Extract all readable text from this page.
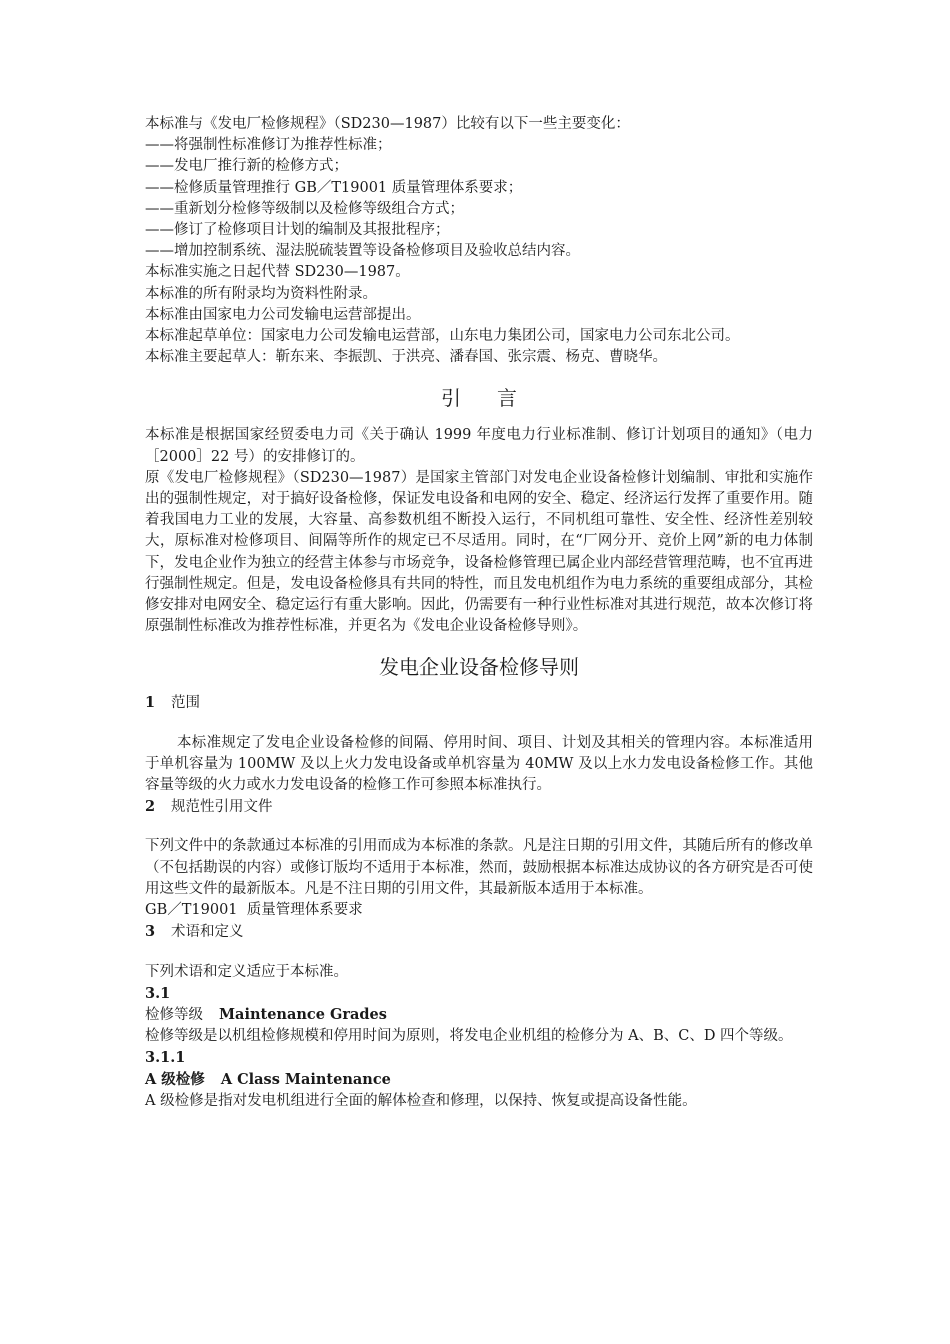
本标准与《发电厂检修规程》（SD230—1987）比较有以下一些主要变化：
——将强制性标准修订为推荐性标准；
——发电厂推行新的检修方式；
——检修质量管理推行 GB／T19001 质量管理体系要求；
——重新划分检修等级制以及检修等级组合方式；
——修订了检修项目计划的编制及其报批程序；
——增加控制系统、湿法脱硫装置等设备检修项目及验收总结内容。
本标准实施之日起代替 SD230—1987。
本标准的所有附录均为资料性附录。
本标准由国家电力公司发输电运营部提出。
本标准起草单位：国家电力公司发输电运营部，山东电力集团公司，国家电力公司东北公司。
本标准主要起草人：靳东来、李振凯、于洪亮、潘春国、张宗震、杨克、曹晓华。
引言
本标准是根据国家经贸委电力司《关于确认 1999 年度电力行业标准制、修订计划项目的通知》（电力［2000］22 号）的安排修订的。
原《发电厂检修规程》（SD230—1987）是国家主管部门对发电企业设备检修计划编制、审批和实施作出的强制性规定，对于搞好设备检修，保证发电设备和电网的安全、稳定、经济运行发挥了重要作用。随着我国电力工业的发展，大容量、高参数机组不断投入运行，不同机组可靠性、安全性、经济性差别较大，原标准对检修项目、间隔等所作的规定已不尽适用。同时，在“厂网分开、竞价上网”新的电力体制下，发电企业作为独立的经营主体参与市场竞争，设备检修管理已属企业内部经营管理范畴，也不宜再进行强制性规定。但是，发电设备检修具有共同的特性，而且发电机组作为电力系统的重要组成部分，其检修安排对电网安全、稳定运行有重大影响。因此，仍需要有一种行业性标准对其进行规范，故本次修订将原强制性标准改为推荐性标准，并更名为《发电企业设备检修导则》。
发电企业设备检修导则
1 范围
本标准规定了发电企业设备检修的间隔、停用时间、项目、计划及其相关的管理内容。本标准适用于单机容量为 100MW 及以上火力发电设备或单机容量为 40MW 及以上水力发电设备检修工作。其他容量等级的火力或水力发电设备的检修工作可参照本标准执行。
2 规范性引用文件
下列文件中的条款通过本标准的引用而成为本标准的条款。凡是注日期的引用文件，其随后所有的修改单（不包括勘误的内容）或修订版均不适用于本标准，然而，鼓励根据本标准达成协议的各方研究是否可使用这些文件的最新版本。凡是不注日期的引用文件，其最新版本适用于本标准。
GB／T19001  质量管理体系要求
3 术语和定义
下列术语和定义适应于本标准。
3.1
检修等级 Maintenance Grades
检修等级是以机组检修规模和停用时间为原则，将发电企业机组的检修分为 A、B、C、D 四个等级。
3.1.1
A 级检修 A Class Maintenance
A 级检修是指对发电机组进行全面的解体检查和修理，以保持、恢复或提高设备性能。
